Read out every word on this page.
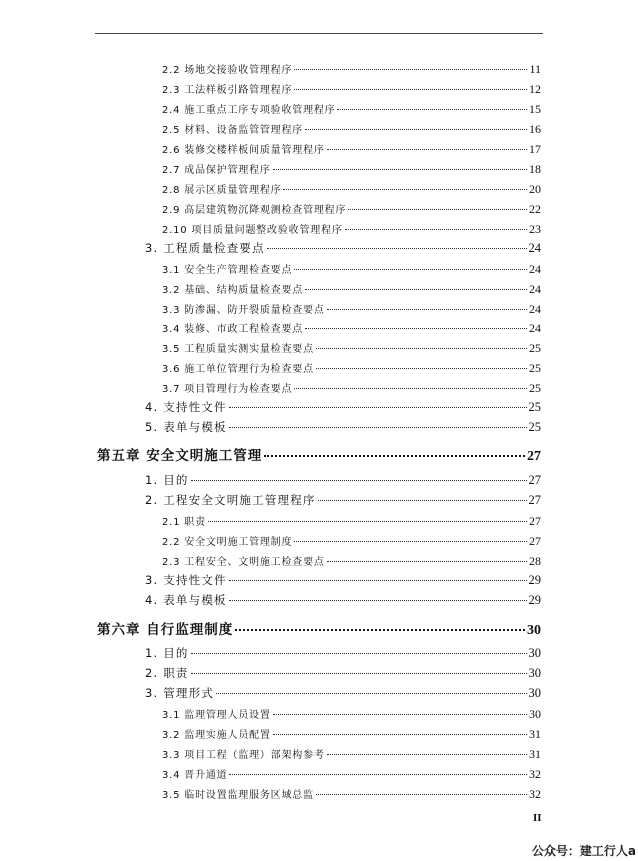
2.2 场地交接验收管理程序	11
2.3 工法样板引路管理程序	12
2.4 施工重点工序专项验收管理程序	15
2.5 材料、设备监管管理程序	16
2.6 装修交楼样板间质量管理程序	17
2.7 成品保护管理程序	18
2.8 展示区质量管理程序	20
2.9 高层建筑物沉降观测检查管理程序	22
2.10 项目质量问题整改验收管理程序	23
3. 工程质量检查要点	24
3.1 安全生产管理检查要点	24
3.2 基础、结构质量检查要点	24
3.3 防渗漏、防开裂质量检查要点	24
3.4 装修、市政工程检查要点	24
3.5 工程质量实测实量检查要点	25
3.6 施工单位管理行为检查要点	25
3.7 项目管理行为检查要点	25
4. 支持性文件	25
5. 表单与模板	25
第五章 安全文明施工管理	27
1. 目的	27
2. 工程安全文明施工管理程序	27
2.1 职责	27
2.2 安全文明施工管理制度	27
2.3 工程安全、文明施工检查要点	28
3. 支持性文件	29
4. 表单与模板	29
第六章 自行监理制度	30
1. 目的	30
2. 职责	30
3. 管理形式	30
3.1 监理管理人员设置	30
3.2 监理实施人员配置	31
3.3 项目工程（监理）部架构参考	31
3.4 晋升通道	32
3.5 临时设置监理服务区域总监	32
II
公众号：建工行人a
